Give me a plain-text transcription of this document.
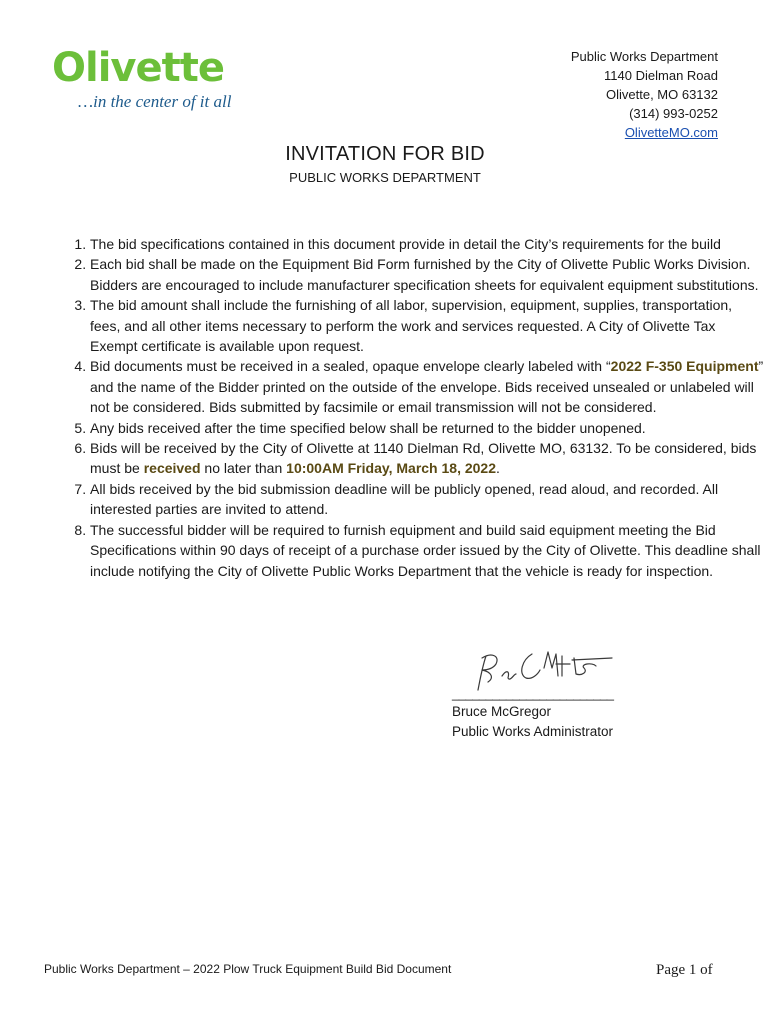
Olivette
…in the center of it all
Public Works Department
1140 Dielman Road
Olivette, MO 63132
(314) 993-0252
OlivetteMO.com
INVITATION FOR BID
PUBLIC WORKS DEPARTMENT
1. The bid specifications contained in this document provide in detail the City’s requirements for the build
2. Each bid shall be made on the Equipment Bid Form furnished by the City of Olivette Public Works Division. Bidders are encouraged to include manufacturer specification sheets for equivalent equipment substitutions.
3. The bid amount shall include the furnishing of all labor, supervision, equipment, supplies, transportation, fees, and all other items necessary to perform the work and services requested. A City of Olivette Tax Exempt certificate is available upon request.
4. Bid documents must be received in a sealed, opaque envelope clearly labeled with “2022 F-350 Equipment” and the name of the Bidder printed on the outside of the envelope. Bids received unsealed or unlabeled will not be considered. Bids submitted by facsimile or email transmission will not be considered.
5. Any bids received after the time specified below shall be returned to the bidder unopened.
6. Bids will be received by the City of Olivette at 1140 Dielman Rd, Olivette MO, 63132. To be considered, bids must be received no later than 10:00AM Friday, March 18, 2022.
7. All bids received by the bid submission deadline will be publicly opened, read aloud, and recorded. All interested parties are invited to attend.
8. The successful bidder will be required to furnish equipment and build said equipment meeting the Bid Specifications within 90 days of receipt of a purchase order issued by the City of Olivette. This deadline shall include notifying the City of Olivette Public Works Department that the vehicle is ready for inspection.
________________________
Bruce McGregor
Public Works Administrator
Public Works Department – 2022 Plow Truck Equipment Build Bid Document	Page 1 of
